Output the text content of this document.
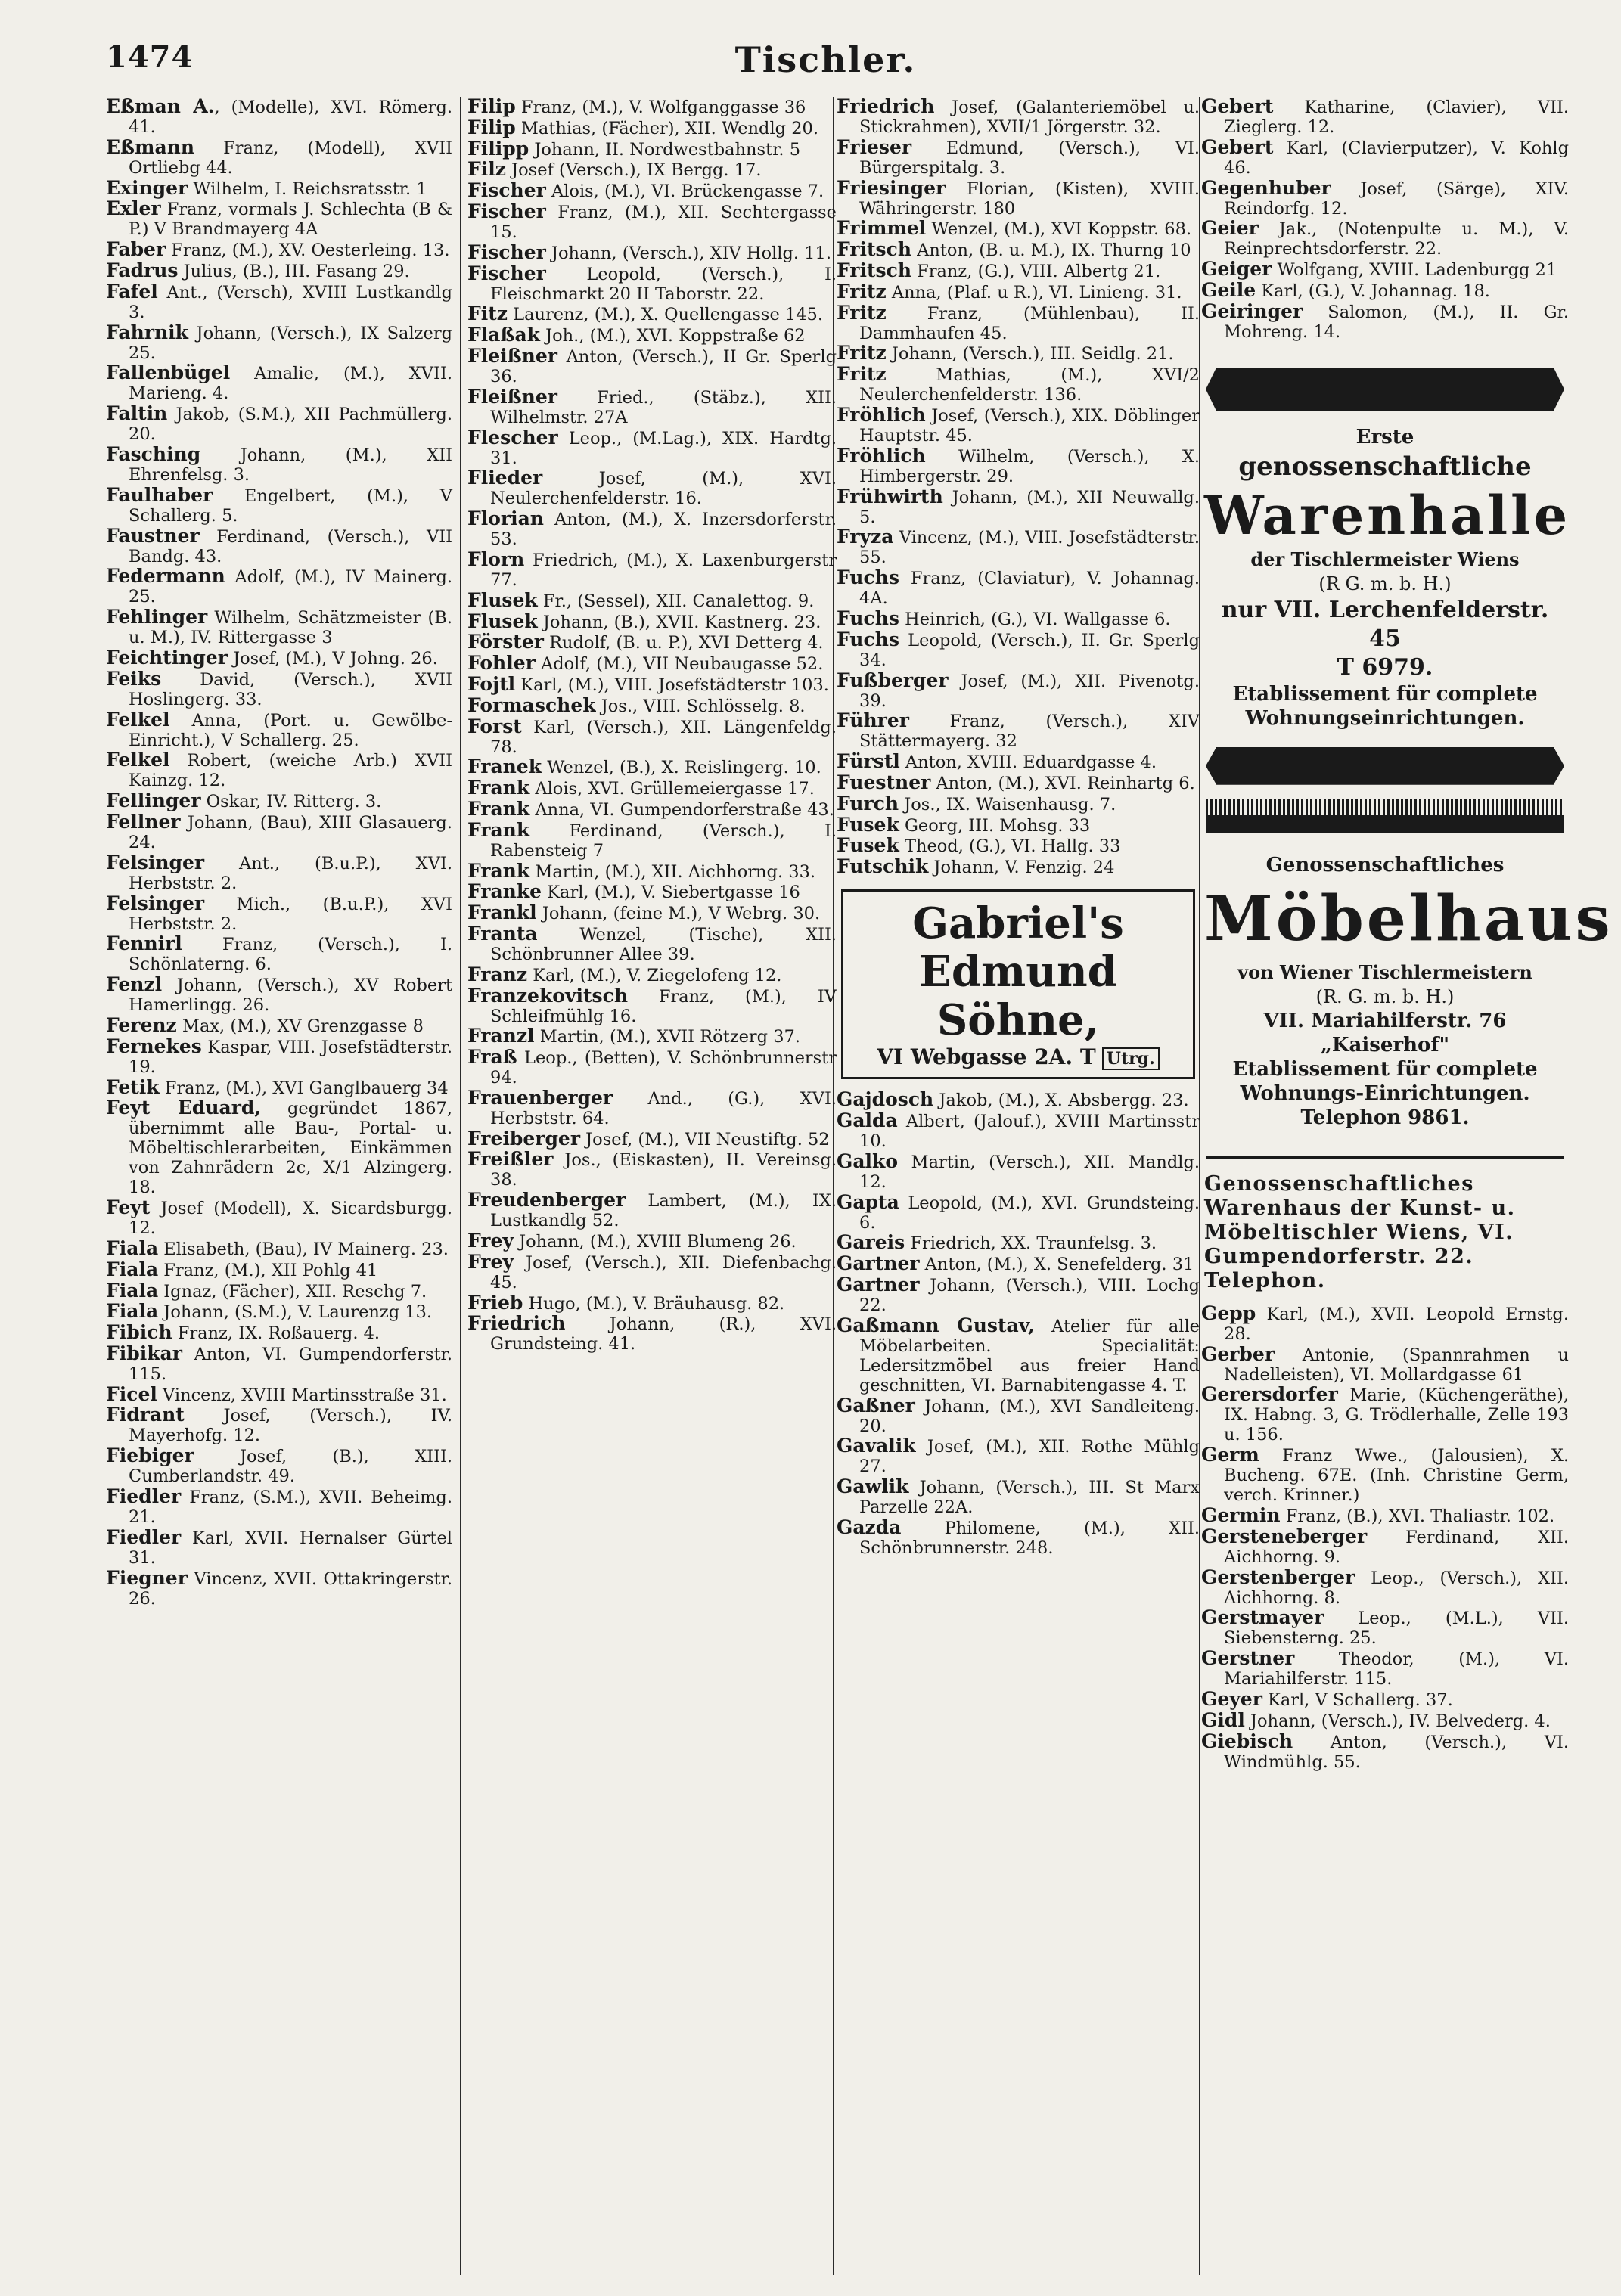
1474	Tischler.
Eßman A., (Modelle), XVI. Römerg. 41.
Eßmann Franz, (Modell), XVII Ortliebg 44.
Exinger Wilhelm, I. Reichsratsstr. 1
Exler Franz, vormals J. Schlechta (B & P.) V Brandmayerg 4A
Faber Franz, (M.), XV. Oesterleing. 13.
Fadrus Julius, (B.), III. Fasang 29.
Fafel Ant., (Versch), XVIII Lustkandlg 3.
Fahrnik Johann, (Versch.), IX Salzerg 25.
Fallenbügel Amalie, (M.), XVII. Marieng. 4.
Faltin Jakob, (S.M.), XII Pachmüllerg. 20.
Fasching Johann, (M.), XII Ehrenfelsg. 3.
Faulhaber Engelbert, (M.), V Schallerg. 5.
Faustner Ferdinand, (Versch.), VII Bandg. 43.
Federmann Adolf, (M.), IV Mainerg. 25.
Fehlinger Wilhelm, Schätzmeister (B. u. M.), IV. Rittergasse 3
Feichtinger Josef, (M.), V Johng. 26.
Feiks David, (Versch.), XVII Hoslingerg. 33.
Felkel Anna, (Port. u. Gewölbe-Einricht.), V Schallerg. 25.
Felkel Robert, (weiche Arb.) XVII Kainzg. 12.
Fellinger Oskar, IV. Ritterg. 3.
Fellner Johann, (Bau), XIII Glasauerg. 24.
Felsinger Ant., (B.u.P.), XVI. Herbststr. 2.
Felsinger Mich., (B.u.P.), XVI Herbststr. 2.
Fennirl Franz, (Versch.), I. Schönlaterng. 6.
Fenzl Johann, (Versch.), XV Robert Hamerlingg. 26.
Ferenz Max, (M.), XV Grenzgasse 8
Fernekes Kaspar, VIII. Josefstädterstr. 19.
Fetik Franz, (M.), XVI Ganglbauerg 34
Feyt Eduard, gegründet 1867, übernimmt alle Bau-, Portal- u. Möbeltischlerarbeiten, Einkämmen von Zahnrädern 2c, X/1 Alzingerg. 18.
Feyt Josef (Modell), X. Sicardsburgg. 12.
Fiala Elisabeth, (Bau), IV Mainerg. 23.
Fiala Franz, (M.), XII Pohlg 41
Fiala Ignaz, (Fächer), XII. Reschg 7.
Fiala Johann, (S.M.), V. Laurenzg 13.
Fibich Franz, IX. Roßauerg. 4.
Fibikar Anton, VI. Gumpendorferstr. 115.
Ficel Vincenz, XVIII Martinsstraße 31.
Fidrant Josef, (Versch.), IV. Mayerhofg. 12.
Fiebiger Josef, (B.), XIII. Cumberlandstr. 49.
Fiedler Franz, (S.M.), XVII. Beheimg. 21.
Fiedler Karl, XVII. Hernalser Gürtel 31.
Fiegner Vincenz, XVII. Ottakringerstr. 26.
Filip Franz, (M.), V. Wolfganggasse 36
Filip Mathias, (Fächer), XII. Wendlg 20.
Filipp Johann, II. Nordwestbahnstr. 5
Filz Josef (Versch.), IX Bergg. 17.
Fischer Alois, (M.), VI. Brückengasse 7.
Fischer Franz, (M.), XII. Sechtergasse 15.
Fischer Johann, (Versch.), XIV Hollg. 11.
Fischer Leopold, (Versch.), I. Fleischmarkt 20 II Taborstr. 22.
Fitz Laurenz, (M.), X. Quellengasse 145.
Flaßak Joh., (M.), XVI. Koppstraße 62
Fleißner Anton, (Versch.), II Gr. Sperlg 36.
Fleißner Fried., (Stäbz.), XII. Wilhelmstr. 27A
Flescher Leop., (M.Lag.), XIX. Hardtg. 31.
Flieder Josef, (M.), XVI. Neulerchenfelderstr. 16.
Florian Anton, (M.), X. Inzersdorferstr. 53.
Florn Friedrich, (M.), X. Laxenburgerstr 77.
Flusek Fr., (Sessel), XII. Canalettog. 9.
Flusek Johann, (B.), XVII. Kastnerg. 23.
Förster Rudolf, (B. u. P.), XVI Detterg 4.
Fohler Adolf, (M.), VII Neubaugasse 52.
Fojtl Karl, (M.), VIII. Josefstädterstr 103.
Formaschek Jos., VIII. Schlösselg. 8.
Forst Karl, (Versch.), XII. Längenfeldg. 78.
Franek Wenzel, (B.), X. Reislingerg. 10.
Frank Alois, XVI. Grüllemeiergasse 17.
Frank Anna, VI. Gumpendorferstraße 43.
Frank Ferdinand, (Versch.), I. Rabensteig 7
Frank Martin, (M.), XII. Aichhorng. 33.
Franke Karl, (M.), V. Siebertgasse 16
Frankl Johann, (feine M.), V Webrg. 30.
Franta Wenzel, (Tische), XII. Schönbrunner Allee 39.
Franz Karl, (M.), V. Ziegelofeng 12.
Franzekovitsch Franz, (M.), IV Schleifmühlg 16.
Franzl Martin, (M.), XVII Rötzerg 37.
Fraß Leop., (Betten), V. Schönbrunnerstr 94.
Frauenberger And., (G.), XVI. Herbststr. 64.
Freiberger Josef, (M.), VII Neustiftg. 52
Freißler Jos., (Eiskasten), II. Vereinsg. 38.
Freudenberger Lambert, (M.), IX. Lustkandlg 52.
Frey Johann, (M.), XVIII Blumeng 26.
Frey Josef, (Versch.), XII. Diefenbachg. 45.
Frieb Hugo, (M.), V. Bräuhausg. 82.
Friedrich Johann, (R.), XVI. Grundsteing. 41.
Friedrich Josef, (Galanteriemöbel u. Stickrahmen), XVII/1 Jörgerstr. 32.
Frieser Edmund, (Versch.), VI. Bürgerspitalg. 3.
Friesinger Florian, (Kisten), XVIII. Währingerstr. 180
Frimmel Wenzel, (M.), XVI Koppstr. 68.
Fritsch Anton, (B. u. M.), IX. Thurng 10
Fritsch Franz, (G.), VIII. Albertg 21.
Fritz Anna, (Plaf. u R.), VI. Linieng. 31.
Fritz Franz, (Mühlenbau), II. Dammhaufen 45.
Fritz Johann, (Versch.), III. Seidlg. 21.
Fritz Mathias, (M.), XVI/2 Neulerchenfelderstr. 136.
Fröhlich Josef, (Versch.), XIX. Döblinger Hauptstr. 45.
Fröhlich Wilhelm, (Versch.), X. Himbergerstr. 29.
Frühwirth Johann, (M.), XII Neuwallg. 5.
Fryza Vincenz, (M.), VIII. Josefstädterstr. 55.
Fuchs Franz, (Claviatur), V. Johannag. 4A.
Fuchs Heinrich, (G.), VI. Wallgasse 6.
Fuchs Leopold, (Versch.), II. Gr. Sperlg 34.
Fußberger Josef, (M.), XII. Pivenotg. 39.
Führer Franz, (Versch.), XIV Stättermayerg. 32
Fürstl Anton, XVIII. Eduardgasse 4.
Fuestner Anton, (M.), XVI. Reinhartg 6.
Furch Jos., IX. Waisenhausg. 7.
Fusek Georg, III. Mohsg. 33
Fusek Theod, (G.), VI. Hallg. 33
Futschik Johann, V. Fenzig. 24
Gabriel's Edmund
Söhne,
VI Webgasse 2A. T Utrg.
Gajdosch Jakob, (M.), X. Absbergg. 23.
Galda Albert, (Jalouf.), XVIII Martinsstr 10.
Galko Martin, (Versch.), XII. Mandlg. 12.
Gapta Leopold, (M.), XVI. Grundsteing. 6.
Gareis Friedrich, XX. Traunfelsg. 3.
Gartner Anton, (M.), X. Senefelderg. 31
Gartner Johann, (Versch.), VIII. Lochg 22.
Gaßmann Gustav, Atelier für alle Möbelarbeiten. Specialität: Ledersitzmöbel aus freier Hand geschnitten, VI. Barnabitengasse 4. T.
Gaßner Johann, (M.), XVI Sandleiteng. 20.
Gavalik Josef, (M.), XII. Rothe Mühlg 27.
Gawlik Johann, (Versch.), III. St Marx Parzelle 22A.
Gazda Philomene, (M.), XII. Schönbrunnerstr. 248.
Gebert Katharine, (Clavier), VII. Zieglerg. 12.
Gebert Karl, (Clavierputzer), V. Kohlg 46.
Gegenhuber Josef, (Särge), XIV. Reindorfg. 12.
Geier Jak., (Notenpulte u. M.), V. Reinprechtsdorferstr. 22.
Geiger Wolfgang, XVIII. Ladenburgg 21
Geile Karl, (G.), V. Johannag. 18.
Geiringer Salomon, (M.), II. Gr. Mohreng. 14.
Erste
genossenschaftliche
Warenhalle
der Tischlermeister Wiens
(R G. m. b. H.)
nur VII. Lerchenfelderstr. 45
T 6979.
Etablissement für complete Wohnungseinrichtungen.
Genossenschaftliches
Möbelhaus
von Wiener Tischlermeistern
(R. G. m. b. H.)
VII. Mariahilferstr. 76 „Kaiserhof"
Etablissement für complete Wohnungs-Einrichtungen.
Telephon 9861.
Genossenschaftliches Warenhaus der Kunst- u. Möbeltischler Wiens, VI. Gumpendorferstr. 22. Telephon.
Gepp Karl, (M.), XVII. Leopold Ernstg. 28.
Gerber Antonie, (Spannrahmen u Nadelleisten), VI. Mollardgasse 61
Gerersdorfer Marie, (Küchengeräthe), IX. Habng. 3, G. Trödlerhalle, Zelle 193 u. 156.
Germ Franz Wwe., (Jalousien), X. Bucheng. 67E. (Inh. Christine Germ, verch. Krinner.)
Germin Franz, (B.), XVI. Thaliastr. 102.
Gersteneberger Ferdinand, XII. Aichhorng. 9.
Gerstenberger Leop., (Versch.), XII. Aichhorng. 8.
Gerstmayer Leop., (M.L.), VII. Siebensterng. 25.
Gerstner Theodor, (M.), VI. Mariahilferstr. 115.
Geyer Karl, V Schallerg. 37.
Gidl Johann, (Versch.), IV. Belvederg. 4.
Giebisch Anton, (Versch.), VI. Windmühlg. 55.
